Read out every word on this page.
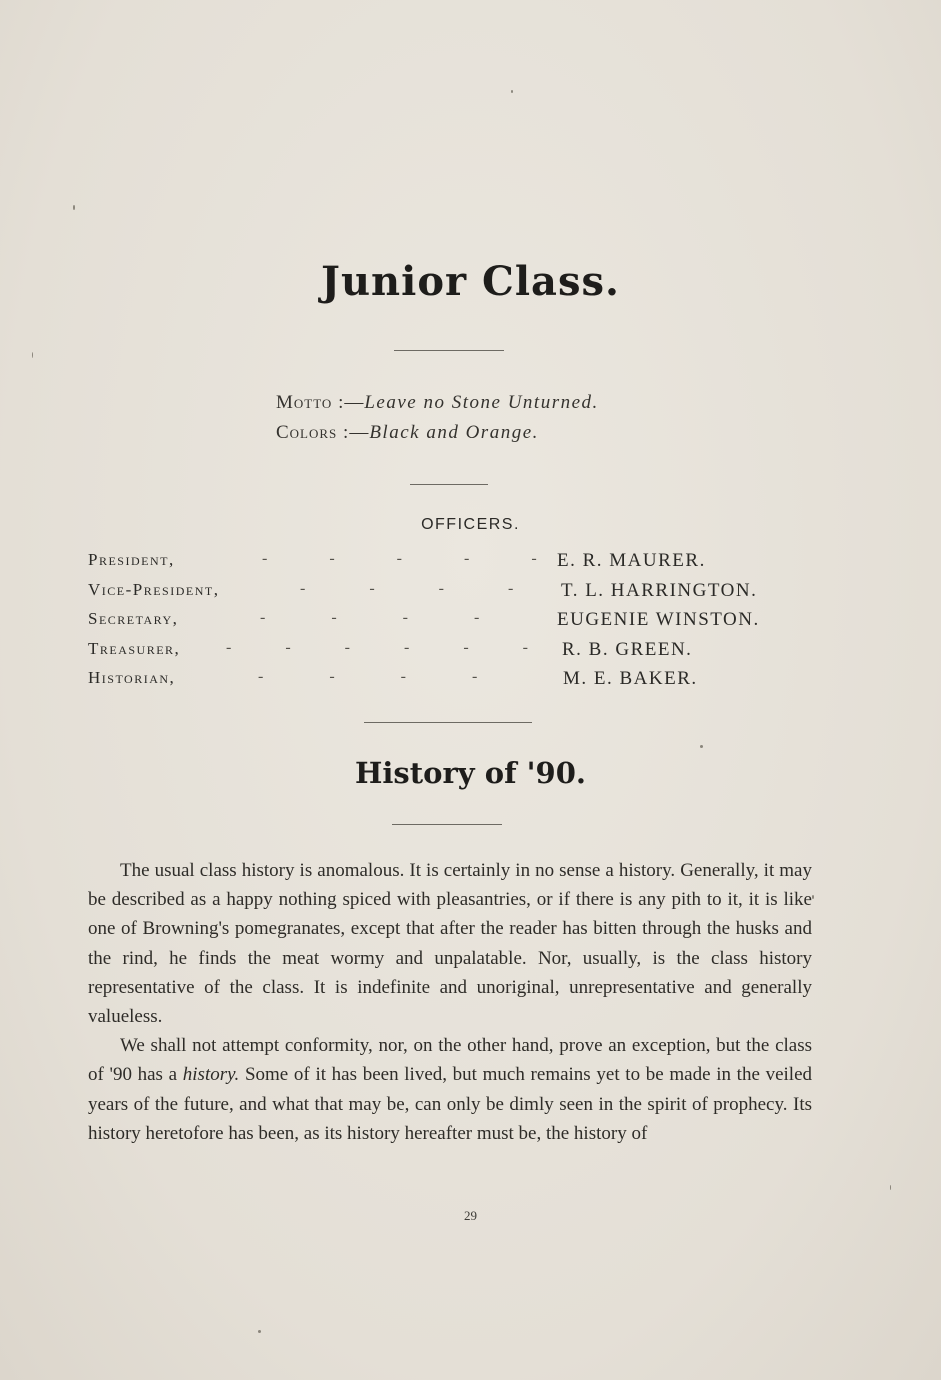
Junior Class.
Motto :—Leave no Stone Unturned.
Colors :—Black and Orange.
OFFICERS.
President,	- - - - - E. R. MAURER.
Vice-President,	- - - -	T. L. HARRINGTON.
Secretary,	- - - -	EUGENIE WINSTON.
Treasurer,	- - - - - - R. B. GREEN.
Historian,	- - - -	M. E. BAKER.
History of '90.

The usual class history is anomalous. It is certainly in no sense a history. Generally, it may be described as a happy nothing spiced with pleasantries, or if there is any pith to it, it is like one of Browning's pomegranates, except that after the reader has bitten through the husks and the rind, he finds the meat wormy and unpalatable. Nor, usually, is the class history representative of the class. It is indefinite and unoriginal, unrepresentative and generally valueless.

We shall not attempt conformity, nor, on the other hand, prove an exception, but the class of '90 has a history. Some of it has been lived, but much remains yet to be made in the veiled years of the future, and what that may be, can only be dimly seen in the spirit of prophecy. Its history heretofore has been, as its history hereafter must be, the history of

29
